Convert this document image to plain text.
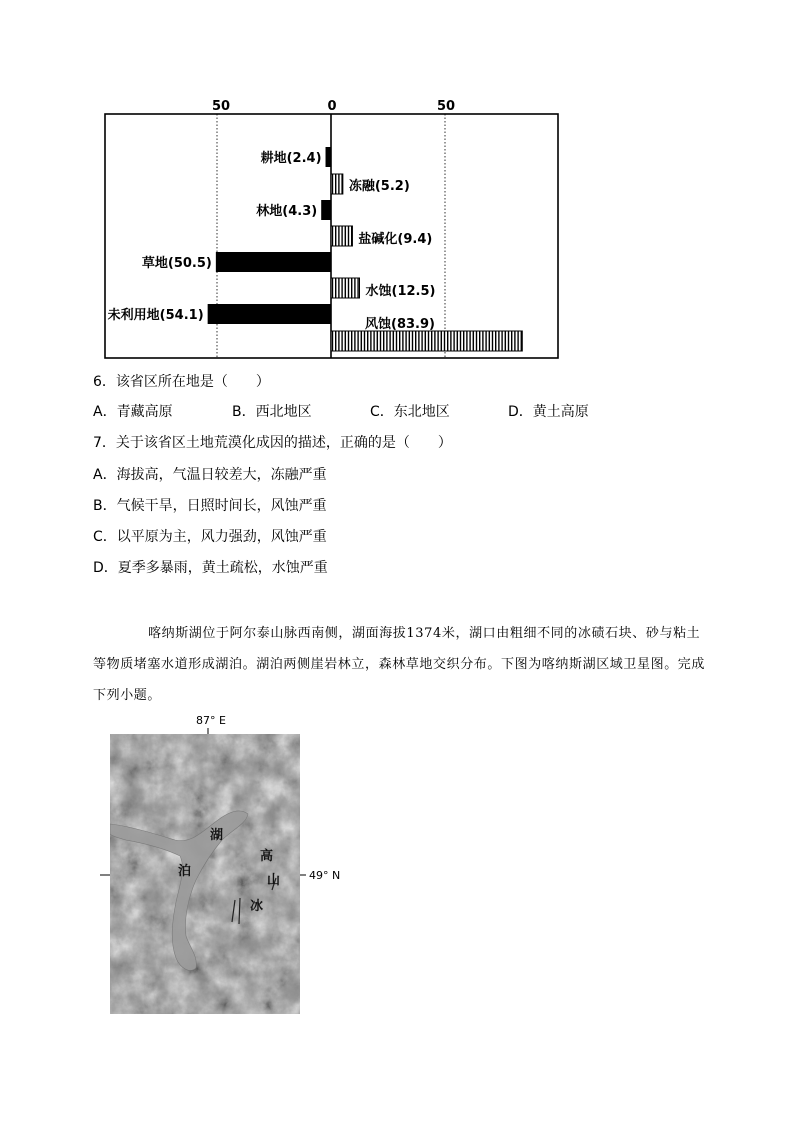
50	0	50
耕地(2.4)
林地(4.3)
草地(50.5)
未利用地(54.1)
冻融(5.2)
盐碱化(9.4)
水蚀(12.5)
风蚀(83.9)
6．该省区所在地是（　　）
A．青藏高原	B．西北地区	C．东北地区	D．黄土高原
7．关于该省区土地荒漠化成因的描述，正确的是（　　）
A．海拔高，气温日较差大，冻融严重
B．气候干旱，日照时间长，风蚀严重
C．以平原为主，风力强劲，风蚀严重
D．夏季多暴雨，黄土疏松，水蚀严重
喀纳斯湖位于阿尔泰山脉西南侧，湖面海拔1374米，湖口由粗细不同的冰碛石块、砂与粘土等物质堵塞水道形成湖泊。湖泊两侧崖岩林立，森林草地交织分布。下图为喀纳斯湖区域卫星图。完成下列小题。
87° E
湖
泊
高
山
冰
49° N
